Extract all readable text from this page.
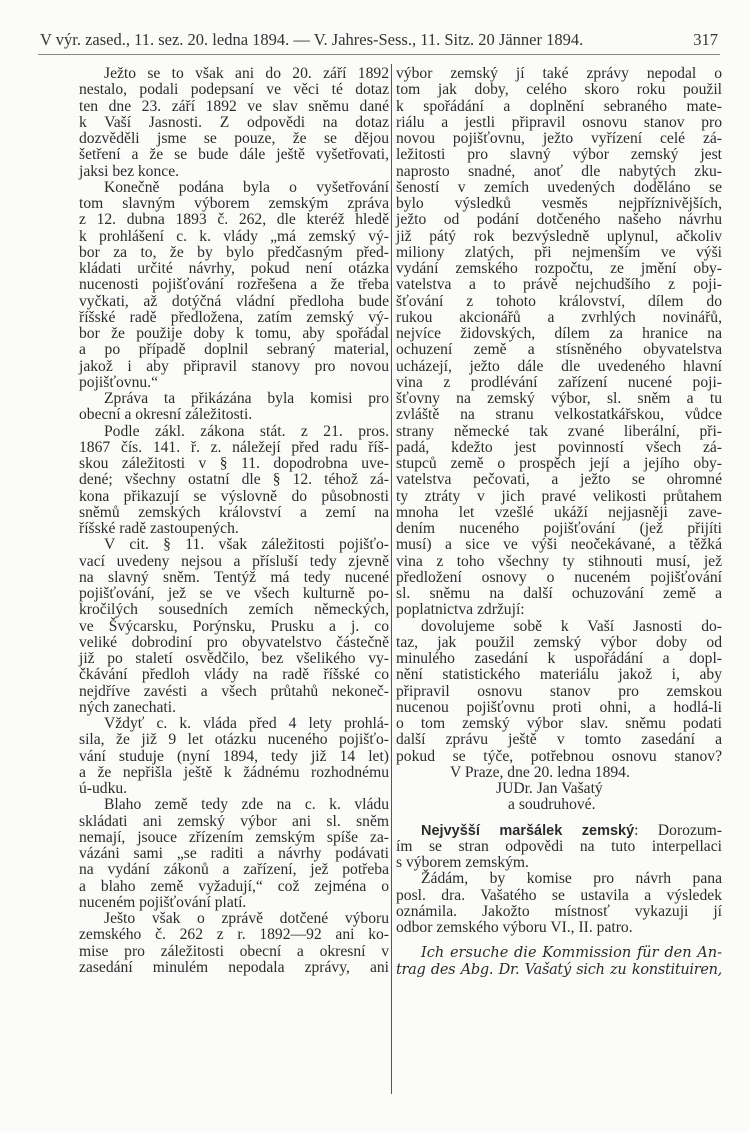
V výr. zased., 11. sez. 20. ledna 1894. — V. Jahres-Sess., 11. Sitz. 20 Jänner 1894.	317
Ježto se to však ani do 20. září 1892
nestalo, podali podepsaní ve věci té dotaz
ten dne 23. září 1892 ve slav sněmu dané
k Vaší Jasnosti. Z odpovědi na dotaz
dozvěděli jsme se pouze, že se dějou
šetření a že se bude dále ještě vyšetřovati,
jaksi bez konce.
Konečně podána byla o vyšetřování
tom slavným výborem zemským zpráva
z 12. dubna 1893 č. 262, dle kteréž hledě
k prohlášení c. k. vlády „má zemský vý-
bor za to, že by bylo předčasným před-
kládati určité návrhy, pokud není otázka
nucenosti pojišťování rozřešena a že třeba
vyčkati, až dotýčná vládní předloha bude
říšské radě předložena, zatím zemský vý-
bor že použije doby k tomu, aby spořádal
a po případě doplnil sebraný material,
jakož i aby připravil stanovy pro novou
pojišťovnu.“
Zpráva ta přikázána byla komisi pro
obecní a okresní záležitosti.
Podle zákl. zákona stát. z 21. pros.
1867 čís. 141. ř. z. náležejí před radu říš-
skou záležitosti v § 11. dopodrobna uve-
dené; všechny ostatní dle § 12. téhož zá-
kona přikazují se výslovně do působnosti
sněmů zemských království a zemí na
říšské radě zastoupených.
V cit. § 11. však záležitosti pojišťo-
vací uvedeny nejsou a přísluší tedy zjevně
na slavný sněm. Tentýž má tedy nucené
pojišťování, jež se ve všech kulturně po-
kročilých sousedních zemích německých,
ve Švýcarsku, Porýnsku, Prusku a j. co
veliké dobrodiní pro obyvatelstvo částečně
již po staletí osvědčilo, bez všelikého vy-
čkávání předloh vlády na radě říšské co
nejdříve zavésti a všech průtahů nekoneč-
ných zanechati.
Vždyť c. k. vláda před 4 lety prohlá-
sila, že již 9 let otázku nuceného pojišťo-
vání studuje (nyní 1894, tedy již 14 let)
a že nepřišla ještě k žádnému rozhodnému
ú-udku.
Blaho země tedy zde na c. k. vládu
skládati ani zemský výbor ani sl. sněm
nemají, jsouce zřízením zemským spíše za-
vázáni sami „se raditi a návrhy podávati
na vydání zákonů a zařízení, jež potřeba
a blaho země vyžadují,“ což zejména o
nuceném pojišťování platí.
Ješto však o zprávě dotčené výboru
zemského č. 262 z r. 1892—92 ani ko-
mise pro záležitosti obecní a okresní v
zasedání minulém nepodala zprávy, ani
výbor zemský jí také zprávy nepodal o
tom jak doby, celého skoro roku použil
k spořádání a doplnění sebraného mate-
riálu a jestli připravil osnovu stanov pro
novou pojišťovnu, ježto vyřízení celé zá-
ležitosti pro slavný výbor zemský jest
naprosto snadné, anoť dle nabytých zku-
šeností v zemích uvedených doděláno se
bylo výsledků vesměs nejpříznivějších,
ježto od podání dotčeného našeho návrhu
již pátý rok bezvýsledně uplynul, ačkoliv
miliony zlatých, při nejmenším ve výši
vydání zemského rozpočtu, ze jmění oby-
vatelstva a to právě nejchudšího z poji-
šťování z tohoto království, dílem do
rukou akcionářů a zvrhlých novinářů,
nejvíce židovských, dílem za hranice na
ochuzení země a stísněného obyvatelstva
ucházejí, ježto dále dle uvedeného hlavní
vina z prodlévání zařízení nucené poji-
šťovny na zemský výbor, sl. sněm a tu
zvláště na stranu velkostatkářskou, vůdce
strany německé tak zvané liberální, při-
padá, kdežto jest povinností všech zá-
stupců země o prospěch její a jejího oby-
vatelstva pečovati, a ježto se ohromné
ty ztráty v jich pravé velikosti průtahem
mnoha let vzešlé ukáží nejjasněji zave-
dením nuceného pojišťování (jež přijíti
musí) a sice ve výši neočekávané, a těžká
vina z toho všechny ty stihnouti musí, jež
předložení osnovy o nuceném pojišťování
sl. sněmu na další ochuzování země a
poplatnictva zdržují:
dovolujeme sobě k Vaší Jasnosti do-
taz, jak použil zemský výbor doby od
minulého zasedání k uspořádání a dopl-
nění statistického materiálu jakož i, aby
připravil osnovu stanov pro zemskou
nucenou pojišťovnu proti ohni, a hodlá-li
o tom zemský výbor slav. sněmu podati
další zprávu ještě v tomto zasedání a
pokud se týče, potřebnou osnovu stanov?
V Praze, dne 20. ledna 1894.
JUDr. Jan Vašatý
a soudruhové.
Nejvyšší maršálek zemský: Dorozum-
ím se stran odpovědi na tuto interpellaci
s výborem zemským.
Žádám, by komise pro návrh pana
posl. dra. Vašatého se ustavila a výsledek
oznámila. Jakožto místnosť vykazuji jí
odbor zemského výboru VI., II. patro.
Ich ersuche die Kommission für den An-
trag des Abg. Dr. Vašatý sich zu konstituiren,
